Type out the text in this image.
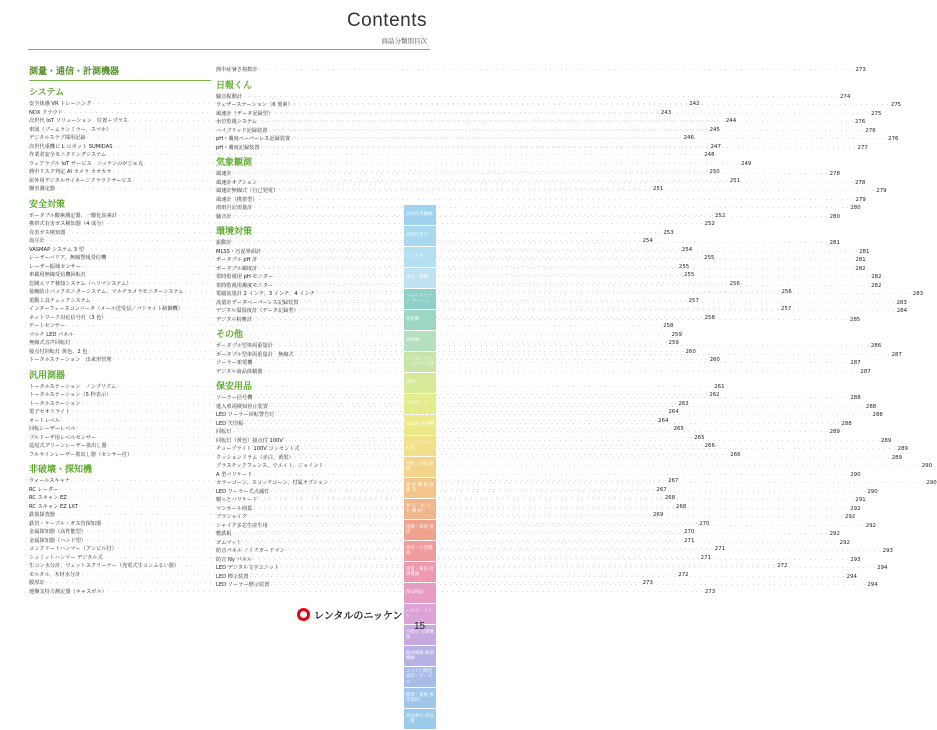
Contents
商品分類別目次
測量・通信・計測機器
システム
安全体感 VR トレーニング · · ·	242
NDX クラウド · · ·	243
次世代 IoT ソリューション　位置＋プラス · · ·	244
車図（ブームランミラー、スマホ） · · ·	245
デジタルスラブ採用記録 · · ·	246
次世代重機ビ L ロボット SUMIDAS · · ·	247
作業者安全モニタリングシステム · · ·	248
ウェアラブル IoT サービス　ニッケンのがじゅ丸 · · ·	249
熱中リスク判定 AI カメラ カオカラ · · ·	250
屋外用デジタルサイネージクラウドサービス · · ·	251
盤害測定器 · · ·	251
安全対策
ポータブル酸素測定器、一酸化炭素計 · · ·	252
携帯式有害ガス検知器（4 成分） · · ·	252
有害ガス検知器 · · ·	253
血圧計 · · ·	254
VASMAP システム 3 型 · · ·	254
レーザーバリア、無線警報受信機 · · ·	255
レーザー振域センサー · · ·	255
車載用無線受信機回転灯 · · ·	255
危険エリア検知システム（ヘリマシステム） · · ·	256
接触防止バックモニターシステム、マルチカメラモニターシステム · · ·	256
電動工具チェックシステム · · ·	257
インターフェースコンバータ（メール送受信／パトライト制御機） · · ·	257
ネットワーク対応信号灯（3 色） · · ·	258
ゲートセンサー · · ·	258
マルチ LED パネル · · ·	259
無線式音声回転灯 · · ·	259
接点付回転灯 黄色、2 色 · · ·	260
トータルステーション　出来形管理 · · ·	260
汎用測器
トータルステーション　ノンプリズム · · ·	261
トータルステーション（5 秒表示） · · ·	262
トータルステーション · · ·	263
電子セオドライト · · ·	264
オートレベル · · ·	264
回転レーザーレベル · · ·	265
ブルドーザ用レベルセンサー · · ·	265
巡尾式グリーンレーザー墨出し器 · · ·	266
フルラインレーザー墨出し器（センサー付） · · ·	266
非破壊・探知機
ウォールスキャナ · · ·	267
RC レーダー · · ·	267
RC スキャン EZ · · ·	268
RC スキャン EZ LXT · · ·	268
鉄筋探査器 · · ·	269
鉄管・ケーブル・ガス管探知器 · · ·	270
金属探知器（高性能型） · · ·	270
金属探知器（ハンド型） · · ·	271
コンクリートハンマー（アンビル付） · · ·	271
シュミットハンマー デジタル式 · · ·	271
生コン水分計、ウェットスクリーナー（充電式生コンふるい器） · · ·	272
モルタル、木材水分計 · · ·	272
膜厚計 · · ·	273
地盤支持力測定器（キャスポル） · · ·	273
熱中症暑さ指数計 · · ·	273
日報くん
騒音振動計 · · ·	274
ウェザーステーション（6 要素） · · ·	275
風速計（データ記録型） · · ·	275
水位監視システム · · ·	276
ハイブリッド記録装置 · · ·	276
pH・濁度ペーパーレス記録装置 · · ·	276
pH・濁度記録装置 · · ·	277
気象観測
風速計 · · ·	278
風速計オプション · · ·	278
風速計無線式（自己発電） · · ·	279
風速計（携帯型） · · ·	279
雨雨自記雨量計 · · ·	280
騒音計 · · ·	280
環境対策
振動計 · · ·	281
MLSS・汚泥界面計 · · ·	281
ポータブル pH 計 · · ·	281
ポータブル濁度計 · · ·	282
常時監視用 pH モニター · · ·	282
常時監視用濁度モニター · · ·	282
電磁流量計 2 インチ、3 インチ、4 インチ · · ·	283
流量計データペーパーレス記録装置 · · ·	283
デジタル温湿度計（データ記録型） · · ·	284
デジタル粉塵計 · · ·	285
その他
ポータブル型車両重量計 · · ·	286
ポータブル型車両重量計　無線式 · · ·	287
ソーラー架電機 · · ·	287
デジタル商品体積器 · · ·	287
保安用品
ソーラー信号機 · · ·	288
進入車両検知停止装置 · · ·	288
LED ソーラー回転警告灯 · · ·	288
LED 矢印板 · · ·	288
回転灯 · · ·	289
回転灯（黄色）接点付 100V · · ·	289
チューブライト 100V コンセント式 · · ·	289
クッションドラム（赤白、黄黒） · · ·	289
プラスチックフェンス、ウエイト、ジョイント · · ·	290
A 型バリケード · · ·	290
カラーコーン、スコッチコーン、付属オプション · · ·	290
LED ソーラー式点滅灯 · · ·	290
樹っとバリケード · · ·	291
マンホール囲蓋 · · ·	292
ブラシャイク · · ·	292
シャイク多芯生産生用 · · ·	292
敷鉄板 · · ·	292
ゴムマット · · ·	292
防音パネル ノイズガードマン · · ·	293
防音 Ny パネル · · ·	293
LED デジタル文字ユニット · · ·	294
LED 標示装置 · · ·	294
LED ソーラー標示装置 · · ·	294
高所作業機械
高所作業台
レンタカー
揚超・整地
フォークリフト クレーン
発電機
溶接機
コンプレッサー エアー工具
照明
水中ポンプ
水処理 洗浄機
コンクリート打設
切断・切削 研磨
破 砕 機 掘 削 機 等
穿 孔・杭 打 ち 機 材
運搬・環境 清掃
荷役・小型機器
測量・通信 計測機器
保安用品
ハウス・トイレ
冷暖房 空調機器
路面補修 路面機械
ニッケン開発 商品・サービス
標準・資格 参考資料
商品索引 商品一覧
レンタルのニッケン
15
